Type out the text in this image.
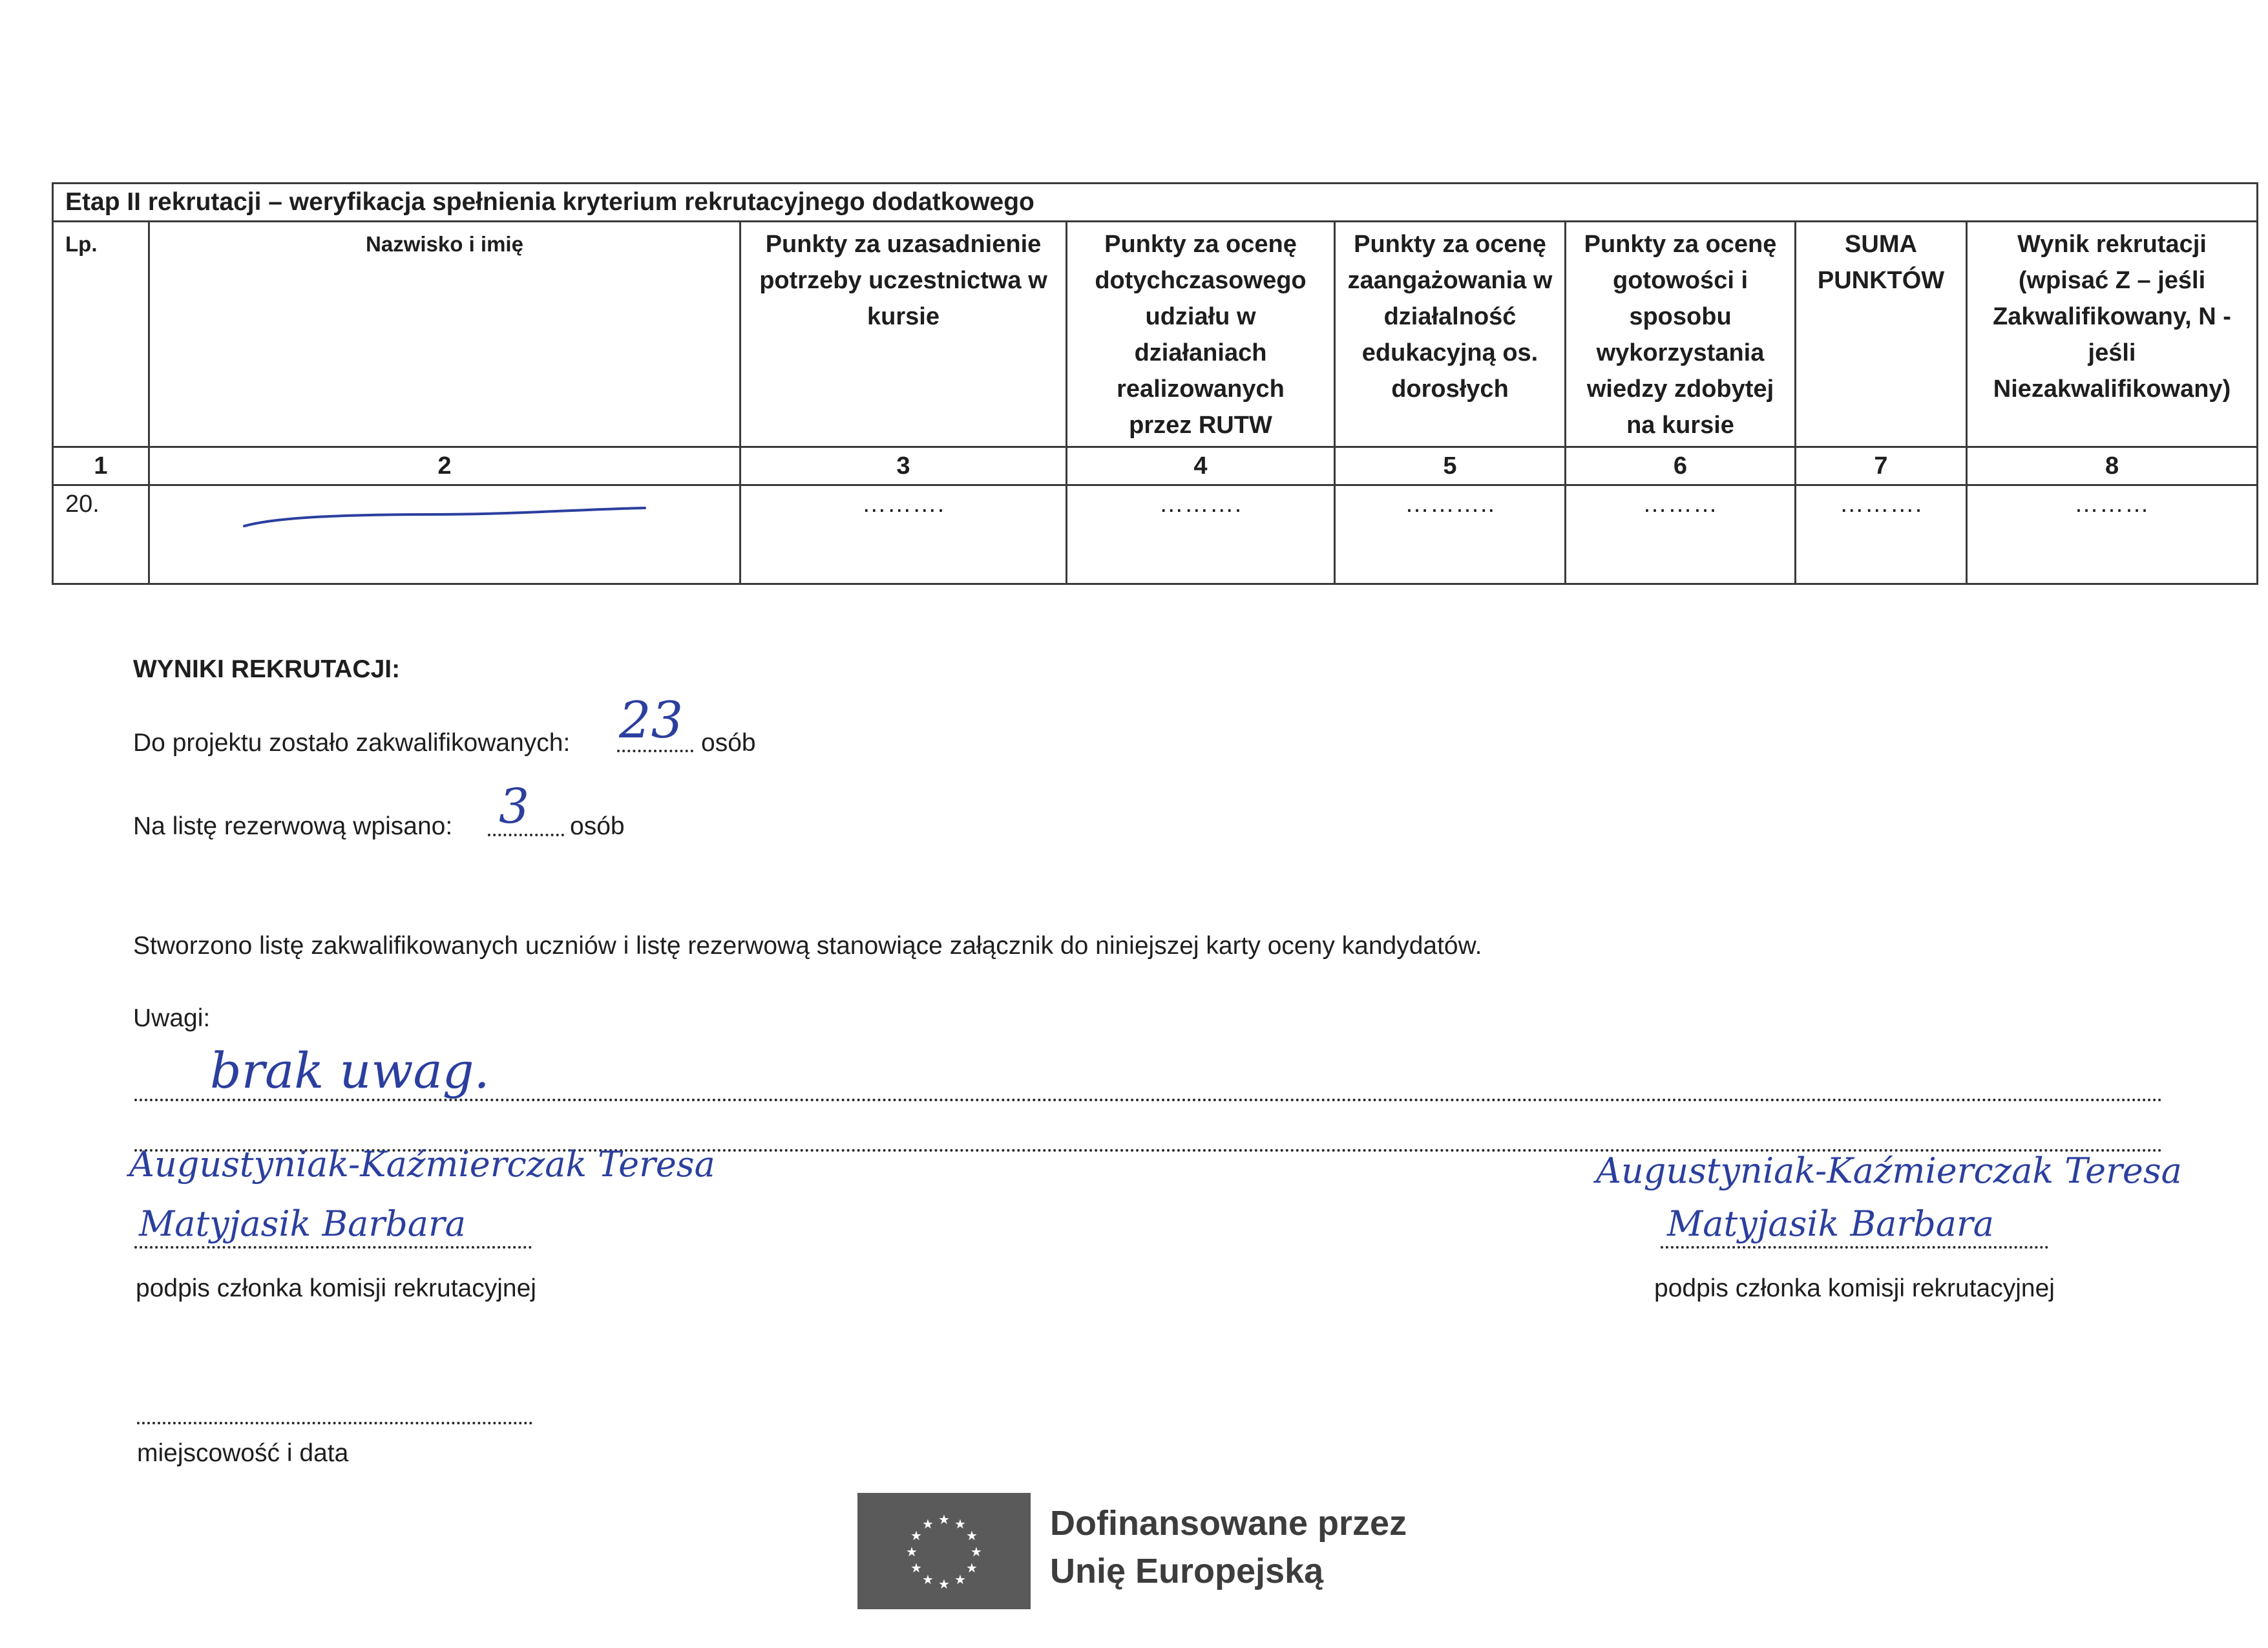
Etap II rekrutacji – weryfikacja spełnienia kryterium rekrutacyjnego dodatkowego							
Lp.	Nazwisko i imię	Punkty za uzasadnienie potrzeby uczestnictwa w kursie	Punkty za ocenę dotychczasowego udziału w działaniach realizowanych przez RUTW	Punkty za ocenę zaangażowania w działalność edukacyjną os. dorosłych	Punkty za ocenę gotowości i sposobu wykorzystania wiedzy zdobytej na kursie	SUMA PUNKTÓW	Wynik rekrutacji (wpisać Z – jeśli Zakwalifikowany, N - jeśli Niezakwalifikowany)
1	2	3	4	5	6	7	8
20.		……….	……….	………..	………	……….	………
WYNIKI REKRUTACJI:
Do projektu zostało zakwalifikowanych: 23 osób
Na listę rezerwową wpisano: 3 osób
Stworzono listę zakwalifikowanych uczniów i listę rezerwową stanowiące załącznik do niniejszej karty oceny kandydatów.
Uwagi:
brak uwag.
Augustyniak-Kaźmierczak Teresa
Matyjasik Barbara
podpis członka komisji rekrutacyjnej
Augustyniak-Kaźmierczak Teresa
Matyjasik Barbara
podpis członka komisji rekrutacyjnej
miejscowość i data
★ ★
★
★
★
★
★
★
★
★
★
★	Dofinansowane przez
Unię Europejską
